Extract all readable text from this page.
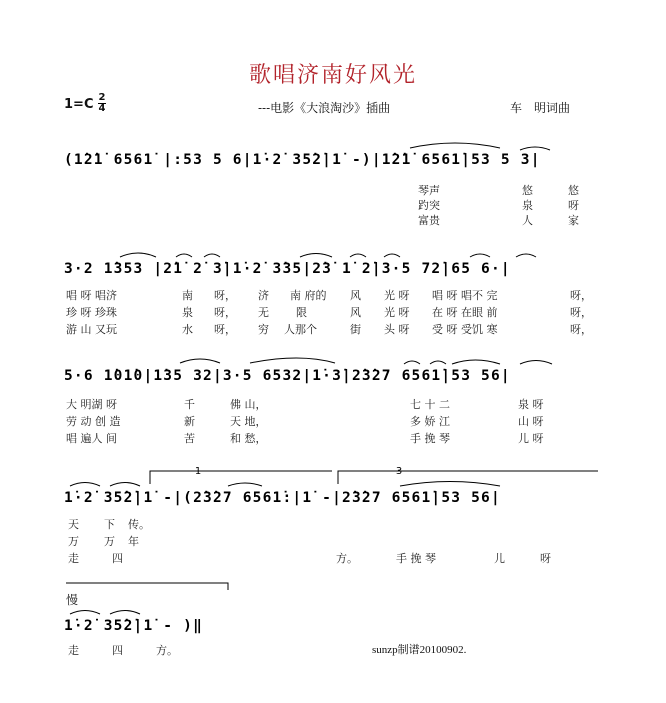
歌唱济南好风光
1=C 2
4	---电影《大浪淘沙》插曲	车　明词曲
(1̇2̇1̇ 6561̇ |:53 5 6|1̇·2̇ 35̇2̇|1̇ -)|1̇2̇1̇ 6561̇|53 5 3|
3·2 1̇353 |2̇1̇ 2̇ 3̇|1̇·2̇ 3̇35|2̇3̇ 1̇ 2̇|3·5 72̇|65 6·|
5·6 1̇01̇0|1̇35 32|3·5 6532|1̇·3̇|2̇3̇27 6561̇|53 56|
1̇·2̇ 35̇2̇|1̇ -|(2̇3̇27 6561̇:|1̇ -|2̇3̇27 6561̇|53 56|
1̇·2̇ 35̇2̇|1̇ - )‖
琴声	悠	悠
趵突	泉	呀
富贵	人	家
唱 呀 唱济	南 呀， 济 南 府的 风 光 呀 唱 呀 唱不 完	呀，
珍 呀 珍珠	泉 呀， 无 限	风 光 呀 在 呀 在眼 前	呀，
游 山 又玩	水 呀， 穷 人那个	街 头 呀 受 呀 受饥 寒	呀，
大 明湖 呀	千	佛 山，	七 十 二	泉 呀
劳 动 创 造	新	天 地，	多 娇 江	山 呀
唱 遍人 间	苦	和 愁，	手 挽 琴	儿 呀
天 下 传。
万 万 年
走	四	方。	手 挽 琴	儿	呀
慢
走	四	方。	sunzp制谱20100902.
1	3
